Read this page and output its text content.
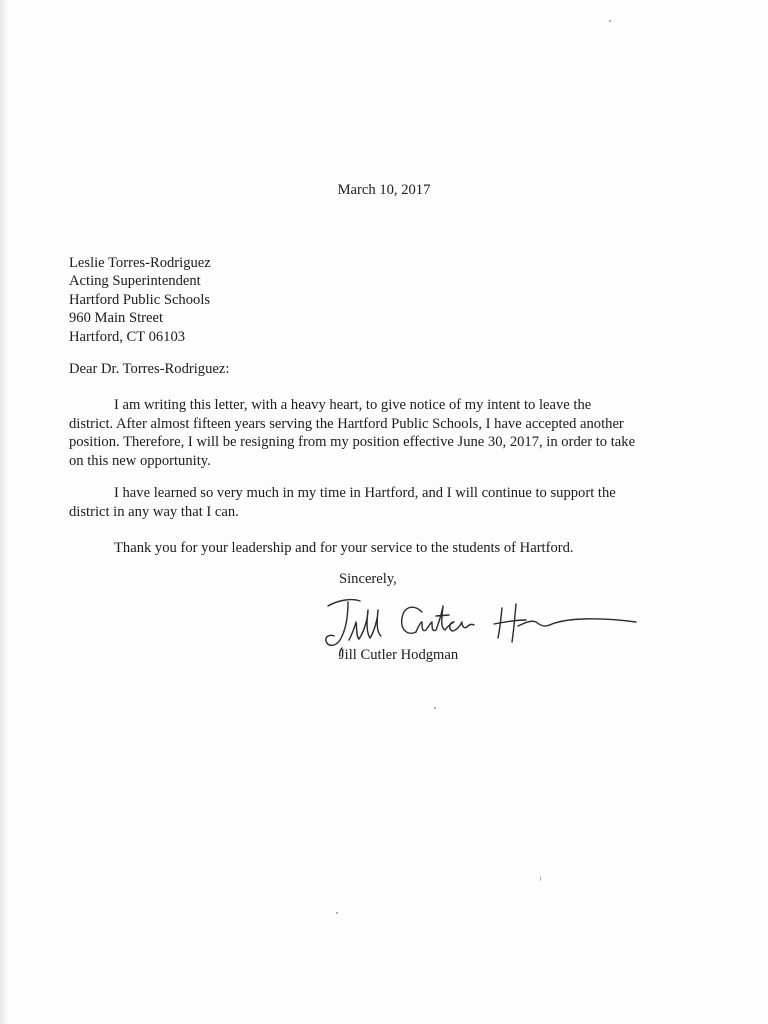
March 10, 2017
Leslie Torres-Rodriguez
Acting Superintendent
Hartford Public Schools
960 Main Street
Hartford, CT 06103
Dear Dr. Torres-Rodriguez:
I am writing this letter, with a heavy heart, to give notice of my intent to leave the
district. After almost fifteen years serving the Hartford Public Schools, I have accepted another
position. Therefore, I will be resigning from my position effective June 30, 2017, in order to take
on this new opportunity.
I have learned so very much in my time in Hartford, and I will continue to support the
district in any way that I can.
Thank you for your leadership and for your service to the students of Hartford.
Sincerely,
Jill Cutler Hodgman
